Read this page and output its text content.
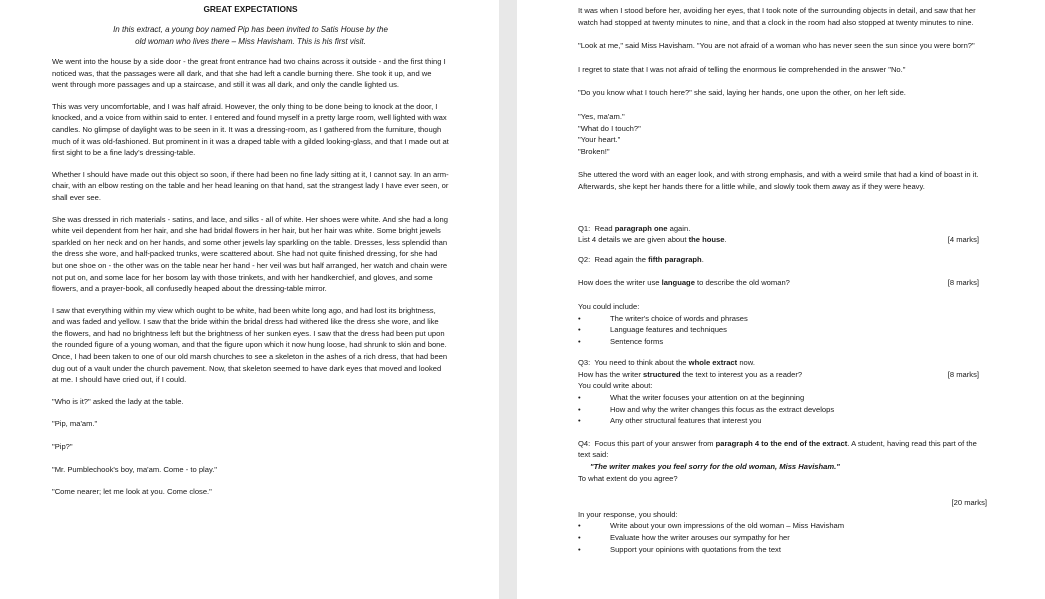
GREAT EXPECTATIONS
In this extract, a young boy named Pip has been invited to Satis House by the
old woman who lives there – Miss Havisham. This is his first visit.

We went into the house by a side door - the great front entrance had two chains across it outside - and the first thing I noticed was, that the passages were all dark, and that she had left a candle burning there. She took it up, and we went through more passages and up a staircase, and still it was all dark, and only the candle lighted us.

This was very uncomfortable, and I was half afraid. However, the only thing to be done being to knock at the door, I knocked, and a voice from within said to enter. I entered and found myself in a pretty large room, well lighted with wax candles. No glimpse of daylight was to be seen in it. It was a dressing-room, as I gathered from the furniture, though much of it was old-fashioned. But prominent in it was a draped table with a gilded looking-glass, and that I made out at first sight to be a fine lady's dressing-table.

Whether I should have made out this object so soon, if there had been no fine lady sitting at it, I cannot say. In an arm-chair, with an elbow resting on the table and her head leaning on that hand, sat the strangest lady I have ever seen, or shall ever see.

She was dressed in rich materials - satins, and lace, and silks - all of white. Her shoes were white. And she had a long white veil dependent from her hair, and she had bridal flowers in her hair, but her hair was white. Some bright jewels sparkled on her neck and on her hands, and some other jewels lay sparkling on the table. Dresses, less splendid than the dress she wore, and half-packed trunks, were scattered about. She had not quite finished dressing, for she had but one shoe on - the other was on the table near her hand - her veil was but half arranged, her watch and chain were not put on, and some lace for her bosom lay with those trinkets, and with her handkerchief, and gloves, and some flowers, and a prayer-book, all confusedly heaped about the dressing-table mirror.

I saw that everything within my view which ought to be white, had been white long ago, and had lost its brightness, and was faded and yellow. I saw that the bride within the bridal dress had withered like the dress she wore, and like the flowers, and had no brightness left but the brightness of her sunken eyes. I saw that the dress had been put upon the rounded figure of a young woman, and that the figure upon which it now hung loose, had shrunk to skin and bone. Once, I had been taken to one of our old marsh churches to see a skeleton in the ashes of a rich dress, that had been dug out of a vault under the church pavement. Now, that skeleton seemed to have dark eyes that moved and looked at me. I should have cried out, if I could.

"Who is it?" asked the lady at the table.

"Pip, ma'am."

"Pip?"

"Mr. Pumblechook's boy, ma'am. Come - to play."

"Come nearer; let me look at you. Come close."

It was when I stood before her, avoiding her eyes, that I took note of the surrounding objects in detail, and saw that her watch had stopped at twenty minutes to nine, and that a clock in the room had also stopped at twenty minutes to nine.

"Look at me," said Miss Havisham. "You are not afraid of a woman who has never seen the sun since you were born?"

I regret to state that I was not afraid of telling the enormous lie comprehended in the answer "No."

"Do you know what I touch here?" she said, laying her hands, one upon the other, on her left side.

"Yes, ma'am."

"What do I touch?"

"Your heart."

"Broken!"

She uttered the word with an eager look, and with strong emphasis, and with a weird smile that had a kind of boast in it. Afterwards, she kept her hands there for a little while, and slowly took them away as if they were heavy.

Q1: Read paragraph one again.
List 4 details we are given about the house.	[4 marks]
Q2: Read again the fifth paragraph.
How does the writer use language to describe the old woman?	[8 marks]
You could include:
• The writer's choice of words and phrases
• Language features and techniques
• Sentence forms
Q3: You need to think about the whole extract now.
How has the writer structured the text to interest you as a reader?	[8 marks]
You could write about:
• What the writer focuses your attention on at the beginning
• How and why the writer changes this focus as the extract develops
• Any other structural features that interest you
Q4: Focus this part of your answer from paragraph 4 to the end of the extract. A student, having read this part of the text said:
"The writer makes you feel sorry for the old woman, Miss Havisham."
To what extent do you agree?
[20 marks]
In your response, you should:
• Write about your own impressions of the old woman – Miss Havisham
• Evaluate how the writer arouses our sympathy for her
• Support your opinions with quotations from the text
